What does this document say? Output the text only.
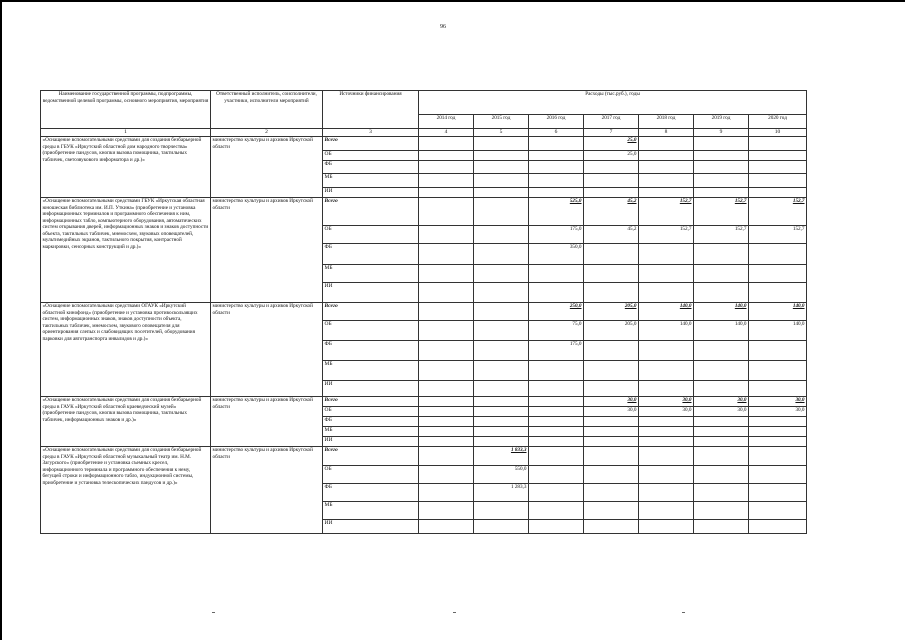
96
Наименование государственной программы, подпрограммы, ведомственной целевой программы, основного мероприятия, мероприятия	Ответственный исполнитель, соисполнители, участники, исполнители мероприятий	Источники финансирования	Расходы (тыс.руб.), годы						
			2014 год	2015 год	2016 год	2017 год	2018 год	2019 год	2020 год
1	2	3	4	5	6	7	8	9	10
«Оснащение вспомогательными средствами для создания безбарьерной среды в ГБУК «Иркутский областной дом народного творчества» (приобретение пандусов, кнопки вызова помощника, тактильных табличек, светозвукового информатора и др.)»	министерство культуры и архивов Иркутской области	Всего				25,0			
		ОБ				25,0			
		ФБ							
		МБ							
		ИИ							
«Оснащение вспомогательными средствами ГБУК «Иркутская областная юношеская библиотека им. И.П. Уткина» (приобретение и установка информационных терминалов и программного обеспечения к ним, информационных табло, компьютерного оборудования, автоматических систем открывания дверей, информационных знаков и знаков доступности объекта, тактильных табличек, мнемосхем, звуковых оповещателей, мультимедийных экранов, тактильного покрытия, контрастной маркировки, сенсорных конструкций и др.)»	министерство культуры и архивов Иркутской области	Всего			525,0	45,2	152,7	152,7	152,7
		ОБ			175,0	45,2	152,7	152,7	152,7
		ФБ			350,0				
		МБ							
		ИИ							
«Оснащение вспомогательными средствами ОГАУК «Иркутский областной кинофонд» (приобретение и установка противоскользящих систем, информационных знаков, знаков доступности объекта, тактильных табличек, мнемосхем, звукового оповещателя для ориентирования слепых и слабовидящих посетителей, оборудования парковки для автотранспорта инвалидов и др.)»	министерство культуры и архивов Иркутской области	Всего			250,0	205,0	140,0	140,0	140,0
		ОБ			75,0	205,0	140,0	140,0	140,0
		ФБ			175,0				
		МБ							
		ИИ							
«Оснащение вспомогательными средствами для создания безбарьерной среды в ГАУК «Иркутский областной краеведческий музей» (приобретение пандусов, кнопки вызова помощника, тактильных табличек, информационных знаков и др.)»	министерство культуры и архивов Иркутской области	Всего				30,0	30,0	30,0	30,0
		ОБ				30,0	30,0	30,0	30,0
		ФБ							
		МБ							
		ИИ							
«Оснащение вспомогательными средствами для создания безбарьерной среды в ГАУК «Иркутский областной музыкальный театр им. Н.М. Загурского» (приобретение и установка съемных кресел, информационного терминала и программного обеспечения к нему, бегущей строки и информационного табло, индукционной системы, приобретение и установка телескопических пандусов и др.)»	министерство культуры и архивов Иркутской области	Всего		1 833,3					
		ОБ		550,0					
		ФБ		1 283,3					
		МБ							
		ИИ							
